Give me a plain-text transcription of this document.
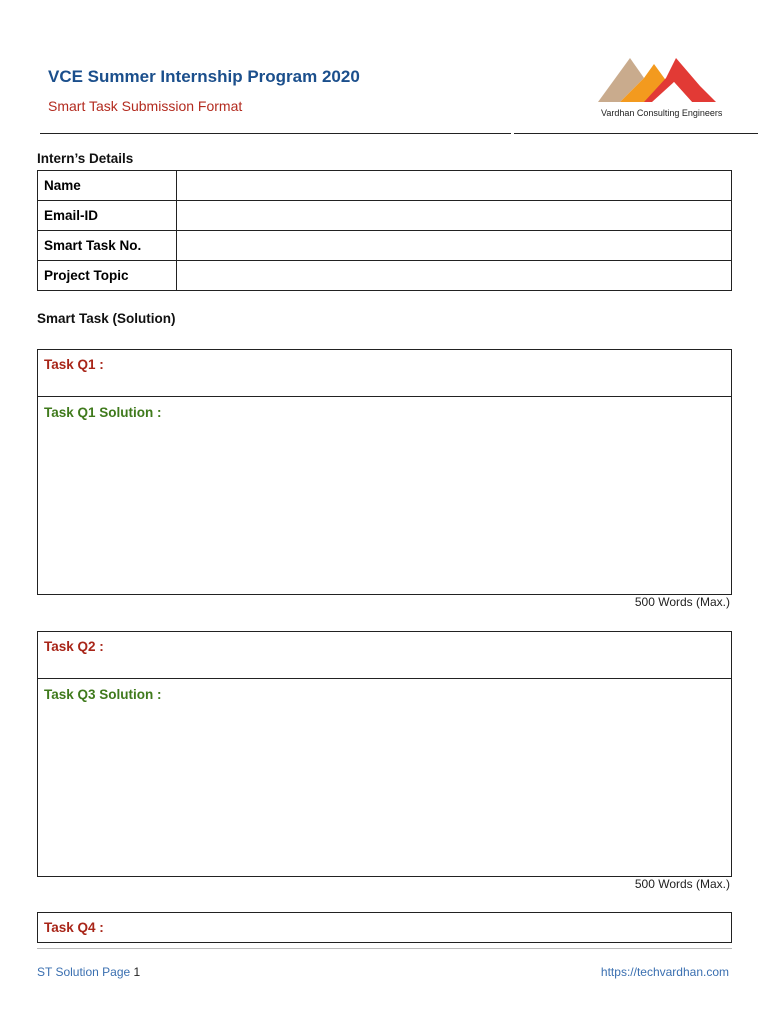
VCE Summer Internship Program 2020
Smart Task Submission Format	Vardhan Consulting Engineers
Intern’s Details
Name	
Email-ID	
Smart Task No.	
Project Topic	
Smart Task (Solution)
Task Q1 :
Task Q1 Solution :
500 Words (Max.)
Task Q2 :
Task Q3 Solution :
500 Words (Max.)
Task Q4 :
ST Solution Page 1	https://techvardhan.com
